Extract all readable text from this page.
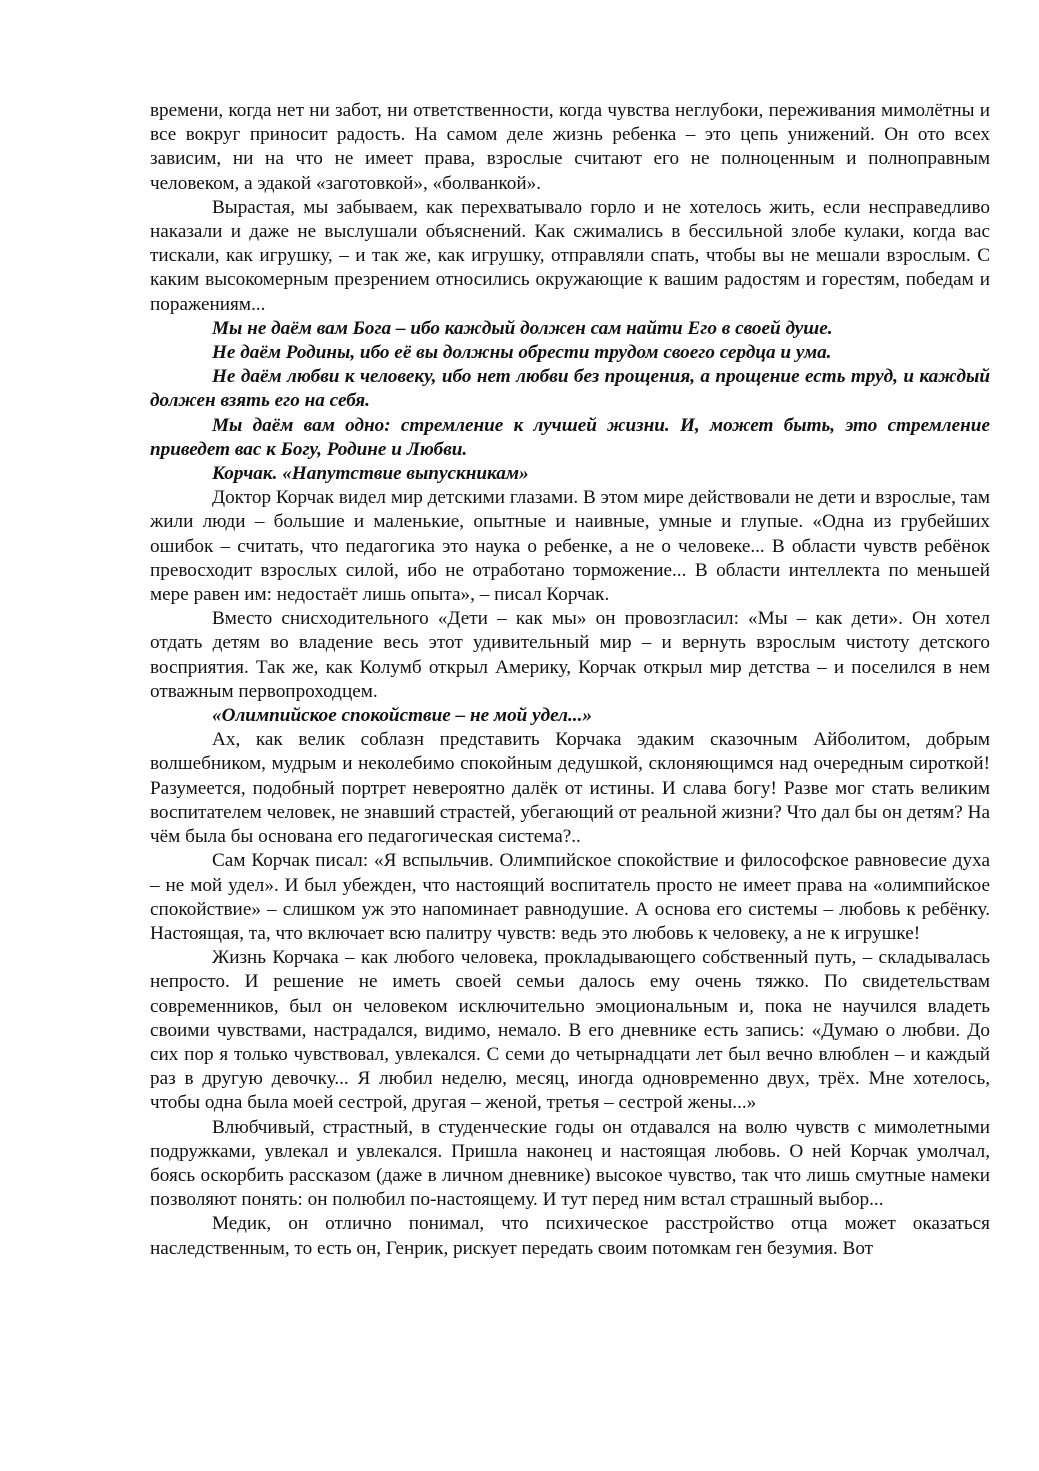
времени, когда нет ни забот, ни ответственности, когда чувства неглубоки, переживания мимолётны и все вокруг приносит радость. На самом деле жизнь ребенка – это цепь унижений. Он ото всех зависим, ни на что не имеет права, взрослые считают его не полноценным и полноправным человеком, а эдакой «заготовкой», «болванкой».

Вырастая, мы забываем, как перехватывало горло и не хотелось жить, если несправедливо наказали и даже не выслушали объяснений. Как сжимались в бессильной злобе кулаки, когда вас тискали, как игрушку, – и так же, как игрушку, отправляли спать, чтобы вы не мешали взрослым. С каким высокомерным презрением относились окружающие к вашим радостям и горестям, победам и поражениям...

Мы не даём вам Бога – ибо каждый должен сам найти Его в своей душе.

Не даём Родины, ибо её вы должны обрести трудом своего сердца и ума.

Не даём любви к человеку, ибо нет любви без прощения, а прощение есть труд, и каждый должен взять его на себя.

Мы даём вам одно: стремление к лучшей жизни. И, может быть, это стремление приведет вас к Богу, Родине и Любви.

Корчак. «Напутствие выпускникам»

Доктор Корчак видел мир детскими глазами. В этом мире действовали не дети и взрослые, там жили люди – большие и маленькие, опытные и наивные, умные и глупые. «Одна из грубейших ошибок – считать, что педагогика это наука о ребенке, а не о человеке... В области чувств ребёнок превосходит взрослых силой, ибо не отработано торможение... В области интеллекта по меньшей мере равен им: недостаёт лишь опыта», – писал Корчак.

Вместо снисходительного «Дети – как мы» он провозгласил: «Мы – как дети». Он хотел отдать детям во владение весь этот удивительный мир – и вернуть взрослым чистоту детского восприятия. Так же, как Колумб открыл Америку, Корчак открыл мир детства – и поселился в нем отважным первопроходцем.

«Олимпийское спокойствие – не мой удел...»

Ах, как велик соблазн представить Корчака эдаким сказочным Айболитом, добрым волшебником, мудрым и неколебимо спокойным дедушкой, склоняющимся над очередным сироткой! Разумеется, подобный портрет невероятно далёк от истины. И слава богу! Разве мог стать великим воспитателем человек, не знавший страстей, убегающий от реальной жизни? Что дал бы он детям? На чём была бы основана его педагогическая система?..

Сам Корчак писал: «Я вспыльчив. Олимпийское спокойствие и философское равновесие духа – не мой удел». И был убежден, что настоящий воспитатель просто не имеет права на «олимпийское спокойствие» – слишком уж это напоминает равнодушие. А основа его системы – любовь к ребёнку. Настоящая, та, что включает всю палитру чувств: ведь это любовь к человеку, а не к игрушке!

Жизнь Корчака – как любого человека, прокладывающего собственный путь, – складывалась непросто. И решение не иметь своей семьи далось ему очень тяжко. По свидетельствам современников, был он человеком исключительно эмоциональным и, пока не научился владеть своими чувствами, настрадался, видимо, немало. В его дневнике есть запись: «Думаю о любви. До сих пор я только чувствовал, увлекался. С семи до четырнадцати лет был вечно влюблен – и каждый раз в другую девочку... Я любил неделю, месяц, иногда одновременно двух, трёх. Мне хотелось, чтобы одна была моей сестрой, другая – женой, третья – сестрой жены...»

Влюбчивый, страстный, в студенческие годы он отдавался на волю чувств с мимолетными подружками, увлекал и увлекался. Пришла наконец и настоящая любовь. О ней Корчак умолчал, боясь оскорбить рассказом (даже в личном дневнике) высокое чувство, так что лишь смутные намеки позволяют понять: он полюбил по-настоящему. И тут перед ним встал страшный выбор...

Медик, он отлично понимал, что психическое расстройство отца может оказаться наследственным, то есть он, Генрик, рискует передать своим потомкам ген безумия. Вот
